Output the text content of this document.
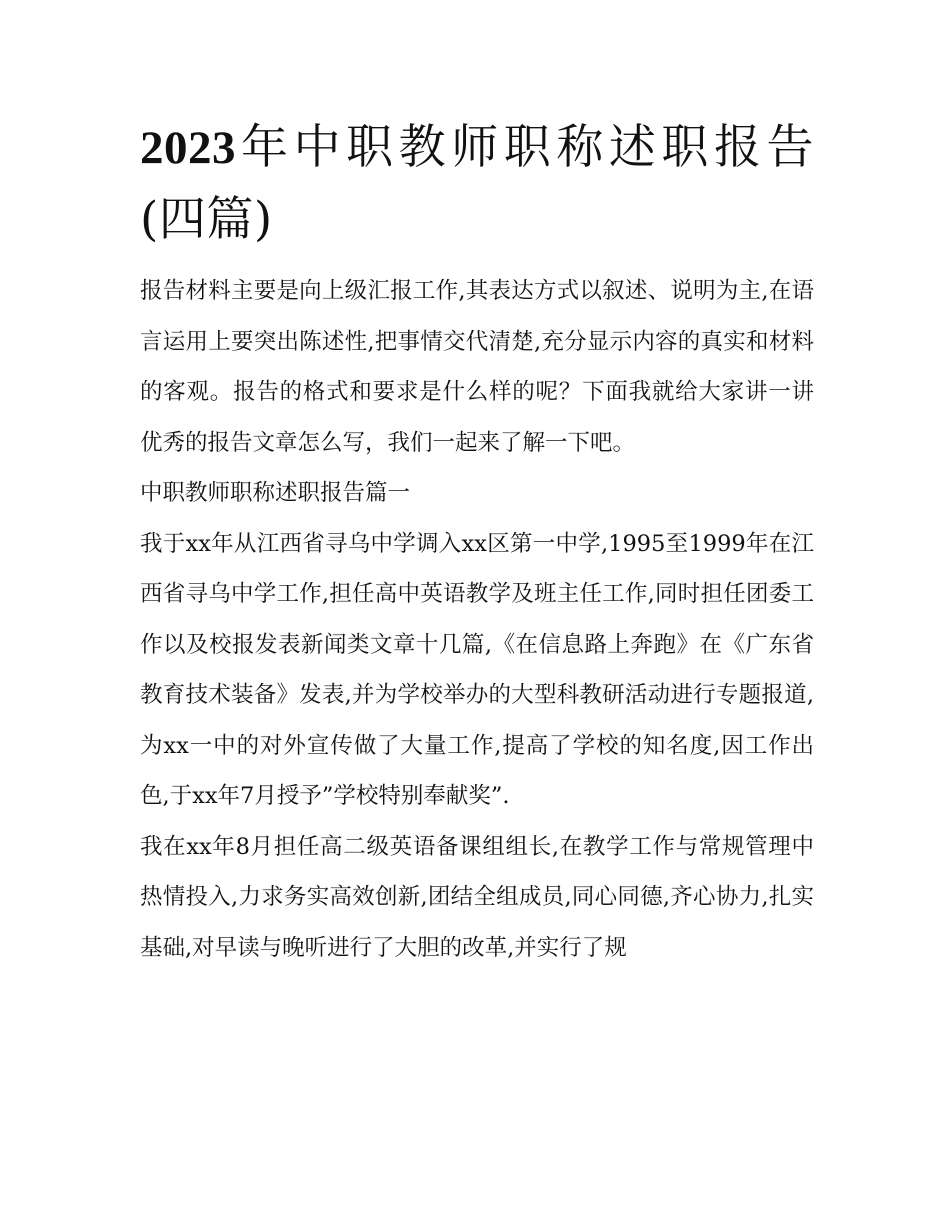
2023年中职教师职称述职报告(四篇)

报告材料主要是向上级汇报工作,其表达方式以叙述、说明为主,在语言运用上要突出陈述性,把事情交代清楚,充分显示内容的真实和材料的客观。报告的格式和要求是什么样的呢？下面我就给大家讲一讲优秀的报告文章怎么写，我们一起来了解一下吧。

中职教师职称述职报告篇一

我于xx年从江西省寻乌中学调入xx区第一中学,1995至1999年在江西省寻乌中学工作,担任高中英语教学及班主任工作,同时担任团委工作以及校报发表新闻类文章十几篇,《在信息路上奔跑》在《广东省教育技术装备》发表,并为学校举办的大型科教研活动进行专题报道,为xx一中的对外宣传做了大量工作,提高了学校的知名度,因工作出色,于xx年7月授予”学校特别奉献奖”.

我在xx年8月担任高二级英语备课组组长,在教学工作与常规管理中热情投入,力求务实高效创新,团结全组成员,同心同德,齐心协力,扎实基础,对早读与晚听进行了大胆的改革,并实行了规
